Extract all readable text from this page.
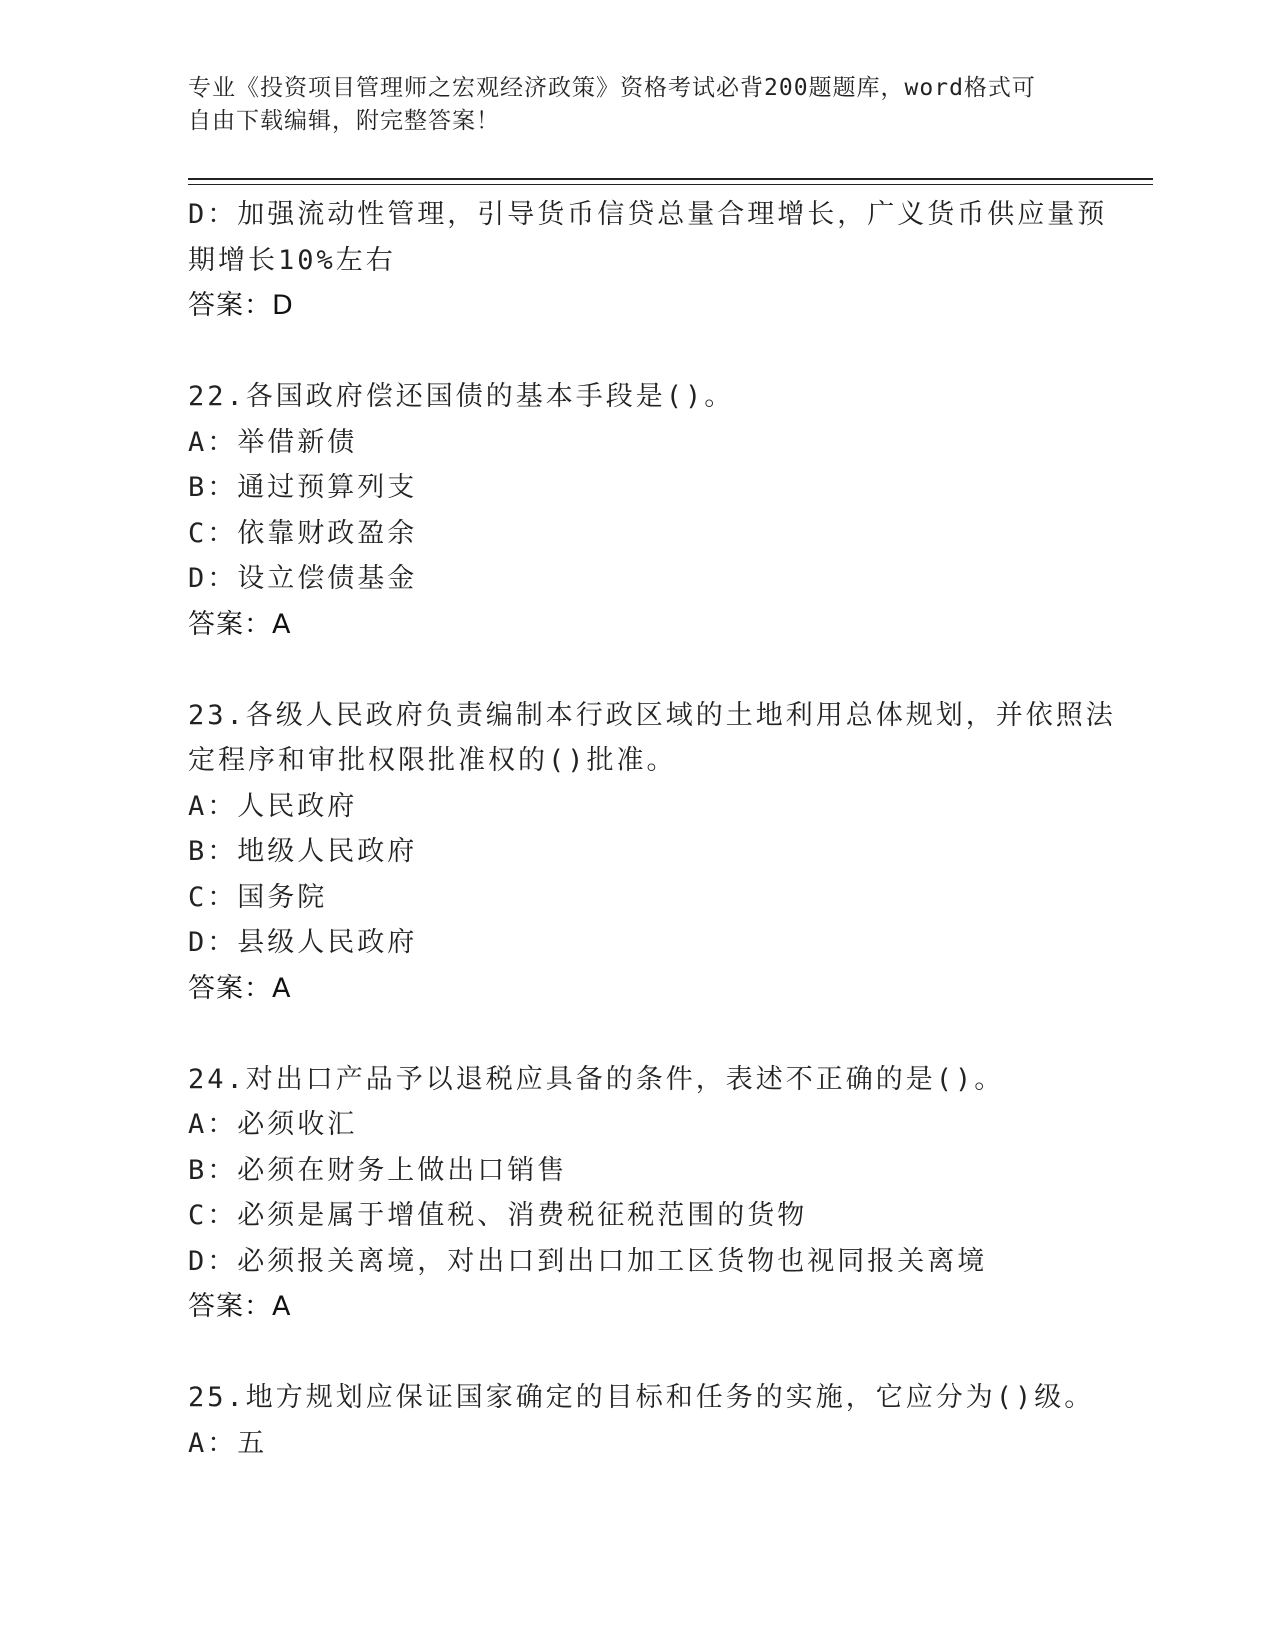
专业《投资项目管理师之宏观经济政策》资格考试必背200题题库，word格式可
自由下载编辑，附完整答案！
D：加强流动性管理，引导货币信贷总量合理增长，广义货币供应量预
期增长10%左右
答案：D
22.各国政府偿还国债的基本手段是()。
A：举借新债
B：通过预算列支
C：依靠财政盈余
D：设立偿债基金
答案：A
23.各级人民政府负责编制本行政区域的土地利用总体规划，并依照法
定程序和审批权限批准权的()批准。
A：人民政府
B：地级人民政府
C：国务院
D：县级人民政府
答案：A
24.对出口产品予以退税应具备的条件，表述不正确的是()。
A：必须收汇
B：必须在财务上做出口销售
C：必须是属于增值税、消费税征税范围的货物
D：必须报关离境，对出口到出口加工区货物也视同报关离境
答案：A
25.地方规划应保证国家确定的目标和任务的实施，它应分为()级。
A：五
